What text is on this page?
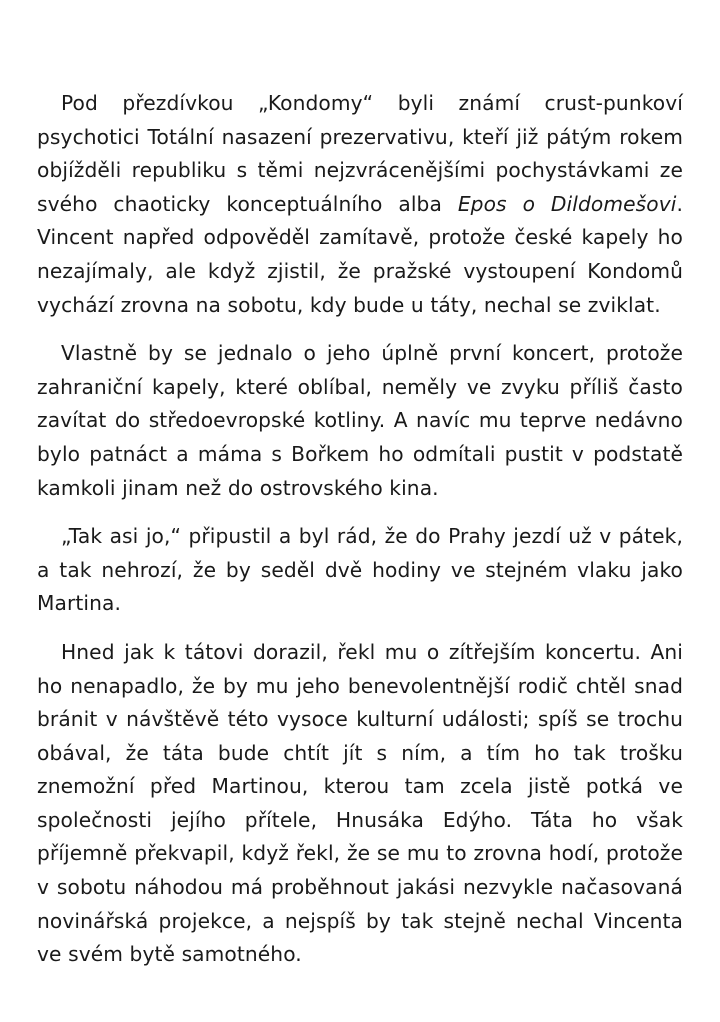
Pod přezdívkou „Kondomy“ byli známí crust-punkoví psychotici Totální nasazení prezervativu, kteří již pátým rokem objížděli republiku s těmi nejzvrácenějšími pochystávkami ze svého chaoticky konceptuálního alba Epos o Dildomešovi. Vincent napřed odpověděl zamítavě, protože české kapely ho nezajímaly, ale když zjistil, že pražské vystoupení Kondomů vychází zrovna na sobotu, kdy bude u táty, nechal se zviklat.

Vlastně by se jednalo o jeho úplně první koncert, protože zahraniční kapely, které oblíbal, neměly ve zvyku příliš často zavítat do středoevropské kotliny. A navíc mu teprve nedávno bylo patnáct a máma s Bořkem ho odmítali pustit v podstatě kamkoli jinam než do ostrovského kina.

„Tak asi jo,“ připustil a byl rád, že do Prahy jezdí už v pátek, a tak nehrozí, že by seděl dvě hodiny ve stejném vlaku jako Martina.

Hned jak k tátovi dorazil, řekl mu o zítřejším koncertu. Ani ho nenapadlo, že by mu jeho benevolentnější rodič chtěl snad bránit v návštěvě této vysoce kulturní události; spíš se trochu obával, že táta bude chtít jít s ním, a tím ho tak trošku znemožní před Martinou, kterou tam zcela jistě potká ve společnosti jejího přítele, Hnusáka Edýho. Táta ho však příjemně překvapil, když řekl, že se mu to zrovna hodí, protože v sobotu náhodou má proběhnout jakási nezvykle načasovaná novinářská projekce, a nejspíš by tak stejně nechal Vincenta ve svém bytě samotného.
